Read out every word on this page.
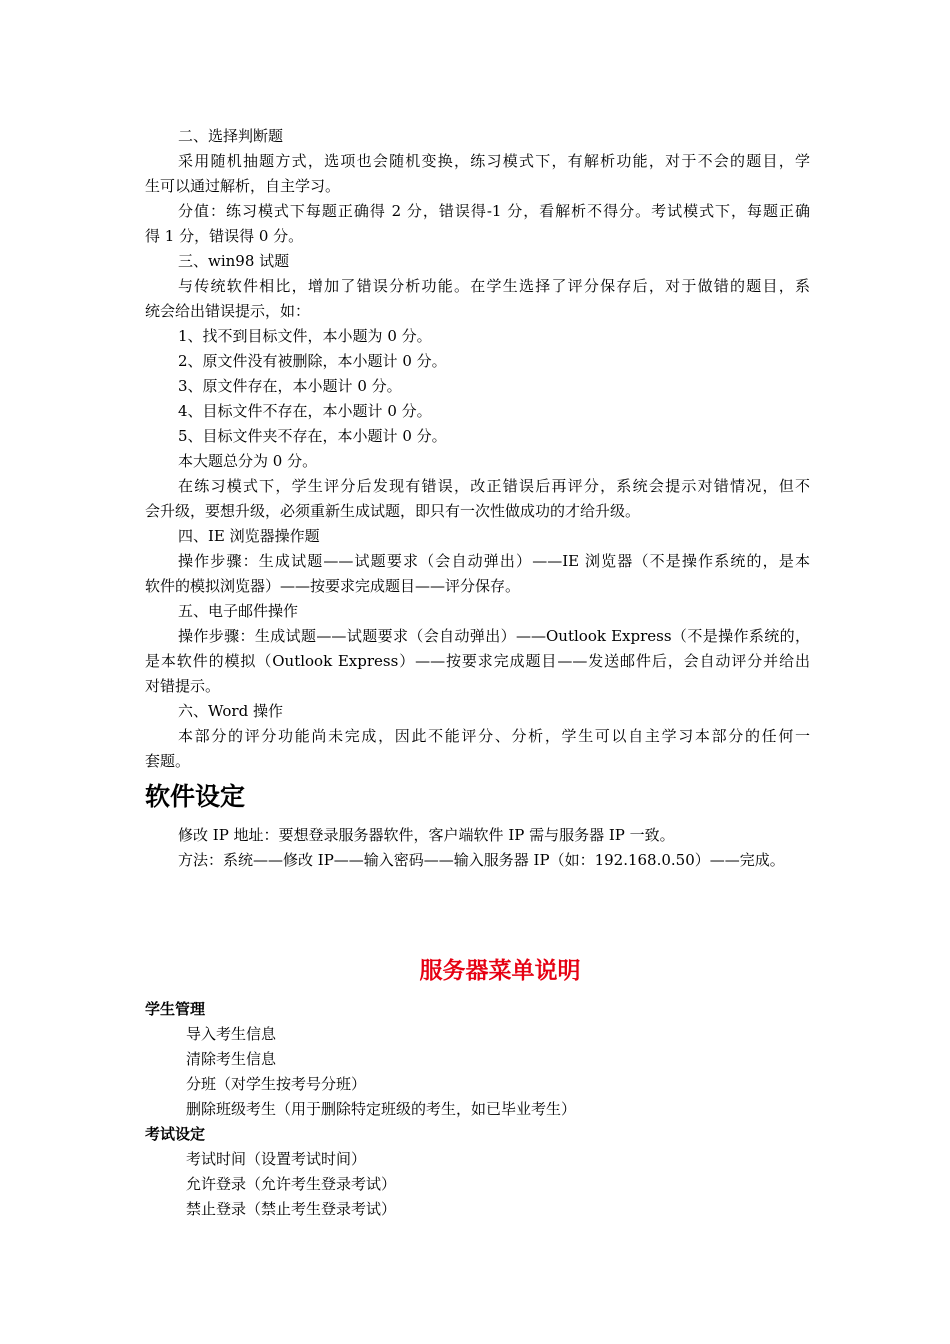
二、选择判断题
采用随机抽题方式，选项也会随机变换，练习模式下，有解析功能，对于不会的题目，学
生可以通过解析，自主学习。
分值：练习模式下每题正确得 2 分，错误得-1 分，看解析不得分。考试模式下，每题正确
得 1 分，错误得 0 分。
三、win98 试题
与传统软件相比，增加了错误分析功能。在学生选择了评分保存后，对于做错的题目，系
统会给出错误提示，如：
1、找不到目标文件，本小题为 0 分。
2、原文件没有被删除，本小题计 0 分。
3、原文件存在，本小题计 0 分。
4、目标文件不存在，本小题计 0 分。
5、目标文件夹不存在，本小题计 0 分。
本大题总分为 0 分。
在练习模式下，学生评分后发现有错误，改正错误后再评分，系统会提示对错情况，但不
会升级，要想升级，必须重新生成试题，即只有一次性做成功的才给升级。
四、IE 浏览器操作题
操作步骤：生成试题——试题要求（会自动弹出）——IE 浏览器（不是操作系统的，是本
软件的模拟浏览器）——按要求完成题目——评分保存。
五、电子邮件操作
操作步骤：生成试题——试题要求（会自动弹出）——Outlook Express（不是操作系统的，
是本软件的模拟（Outlook Express）——按要求完成题目——发送邮件后，会自动评分并给出
对错提示。
六、Word 操作
本部分的评分功能尚未完成，因此不能评分、分析，学生可以自主学习本部分的任何一
套题。
软件设定
修改 IP 地址：要想登录服务器软件，客户端软件 IP 需与服务器 IP 一致。
方法：系统——修改 IP——输入密码——输入服务器 IP（如：192.168.0.50）——完成。
服务器菜单说明
学生管理
导入考生信息
清除考生信息
分班（对学生按考号分班）
删除班级考生（用于删除特定班级的考生，如已毕业考生）
考试设定
考试时间（设置考试时间）
允许登录（允许考生登录考试）
禁止登录（禁止考生登录考试）
